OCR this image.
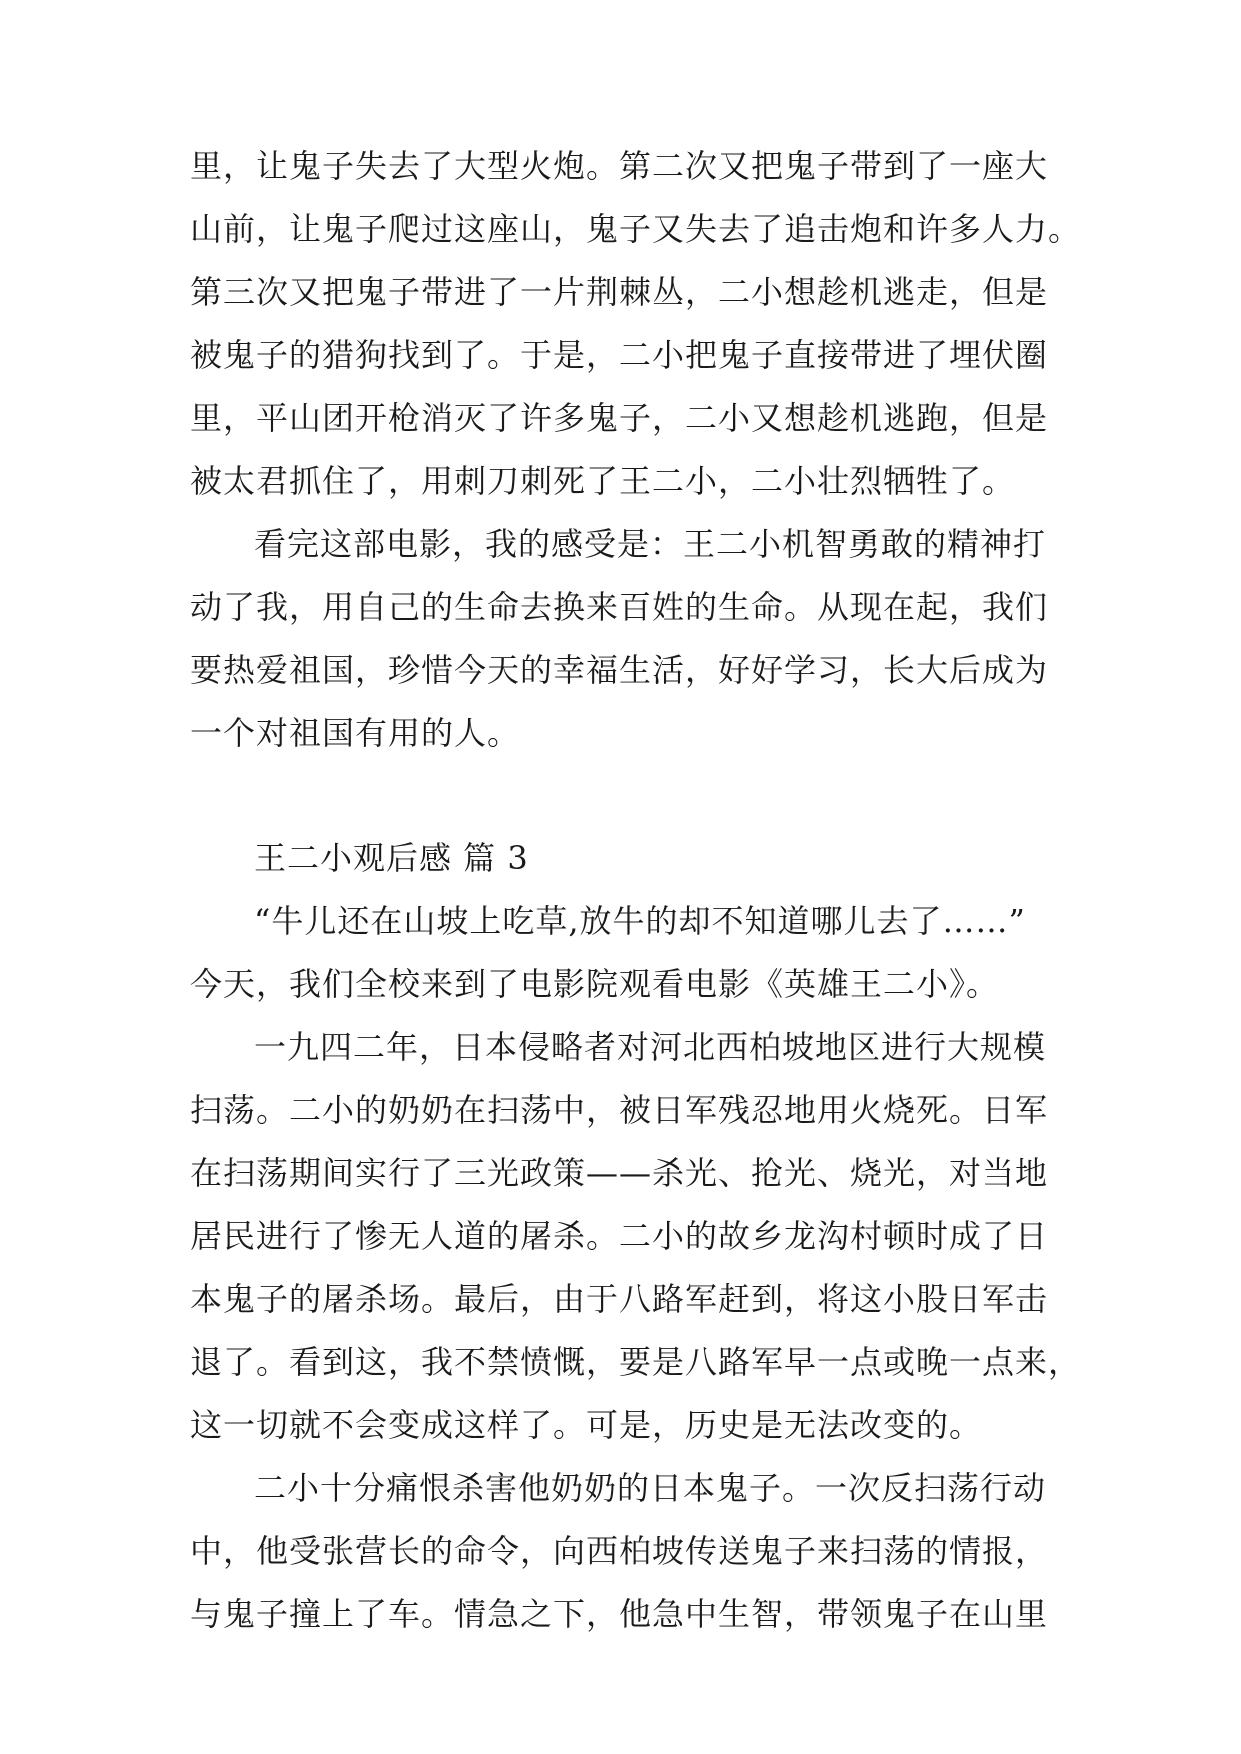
里，让鬼子失去了大型火炮。第二次又把鬼子带到了一座大
山前，让鬼子爬过这座山，鬼子又失去了追击炮和许多人力。
第三次又把鬼子带进了一片荆棘丛，二小想趁机逃走，但是
被鬼子的猎狗找到了。于是，二小把鬼子直接带进了埋伏圈
里，平山团开枪消灭了许多鬼子，二小又想趁机逃跑，但是
被太君抓住了，用刺刀刺死了王二小，二小壮烈牺牲了。
看完这部电影，我的感受是：王二小机智勇敢的精神打
动了我，用自己的生命去换来百姓的生命。从现在起，我们
要热爱祖国，珍惜今天的幸福生活，好好学习，长大后成为
一个对祖国有用的人。
王二小观后感 篇 3
“牛儿还在山坡上吃草,放牛的却不知道哪儿去了……”
今天，我们全校来到了电影院观看电影《英雄王二小》。
一九四二年，日本侵略者对河北西柏坡地区进行大规模
扫荡。二小的奶奶在扫荡中，被日军残忍地用火烧死。日军
在扫荡期间实行了三光政策——杀光、抢光、烧光，对当地
居民进行了惨无人道的屠杀。二小的故乡龙沟村顿时成了日
本鬼子的屠杀场。最后，由于八路军赶到，将这小股日军击
退了。看到这，我不禁愤慨，要是八路军早一点或晚一点来，
这一切就不会变成这样了。可是，历史是无法改变的。
二小十分痛恨杀害他奶奶的日本鬼子。一次反扫荡行动
中，他受张营长的命令，向西柏坡传送鬼子来扫荡的情报，
与鬼子撞上了车。情急之下，他急中生智，带领鬼子在山里
